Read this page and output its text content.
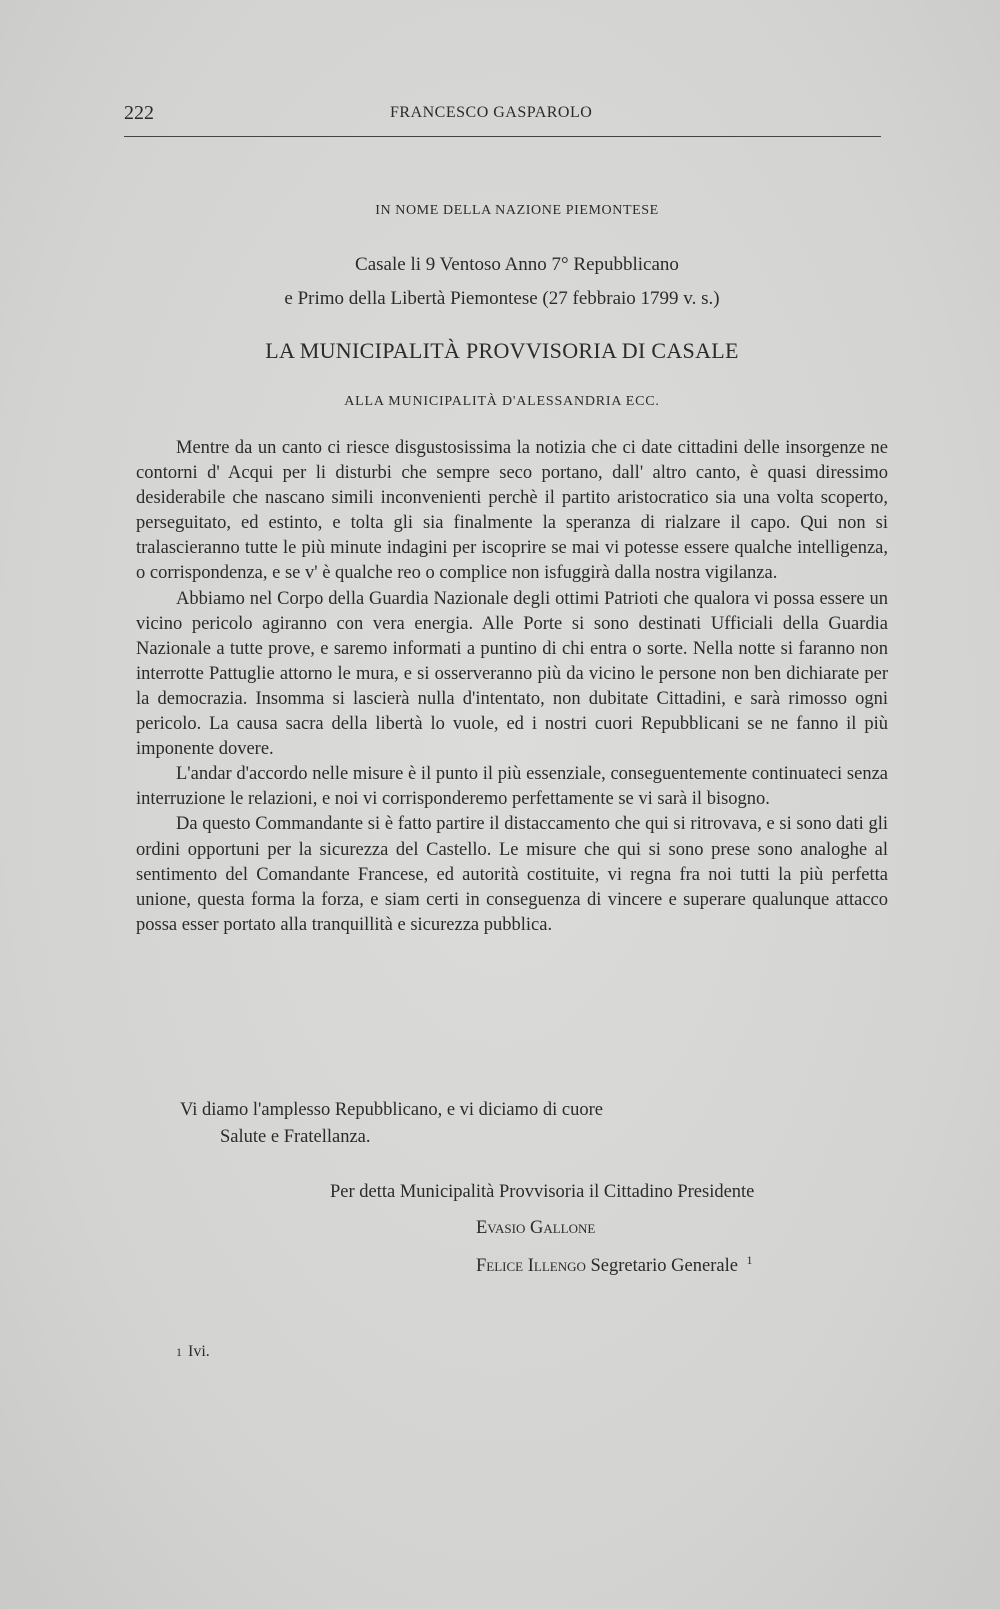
222	FRANCESCO GASPAROLO
IN NOME DELLA NAZIONE PIEMONTESE
Casale li 9 Ventoso Anno 7° Repubblicano
e Primo della Libertà Piemontese (27 febbraio 1799 v. s.)
LA MUNICIPALITÀ PROVVISORIA DI CASALE
ALLA MUNICIPALITÀ D'ALESSANDRIA ECC.

Mentre da un canto ci riesce disgustosissima la notizia che ci date cittadini delle insorgenze ne contorni d' Acqui per li disturbi che sempre seco portano, dall' altro canto, è quasi diressimo desiderabile che nascano simili inconvenienti perchè il partito aristocratico sia una volta scoperto, perseguitato, ed estinto, e tolta gli sia finalmente la speranza di rialzare il capo. Qui non si tralascieranno tutte le più minute indagini per iscoprire se mai vi potesse essere qualche intelligenza, o corrispondenza, e se v' è qualche reo o complice non isfuggirà dalla nostra vigilanza.

Abbiamo nel Corpo della Guardia Nazionale degli ottimi Patrioti che qualora vi possa essere un vicino pericolo agiranno con vera energia. Alle Porte si sono destinati Ufficiali della Guardia Nazionale a tutte prove, e saremo informati a puntino di chi entra o sorte. Nella notte si faranno non interrotte Pattuglie attorno le mura, e si osserveranno più da vicino le persone non ben dichiarate per la democrazia. Insomma si lascierà nulla d'intentato, non dubitate Cittadini, e sarà rimosso ogni pericolo. La causa sacra della libertà lo vuole, ed i nostri cuori Repubblicani se ne fanno il più imponente dovere.

L'andar d'accordo nelle misure è il punto il più essenziale, conseguentemente continuateci senza interruzione le relazioni, e noi vi corrisponderemo perfettamente se vi sarà il bisogno.

Da questo Commandante si è fatto partire il distaccamento che qui si ritrovava, e si sono dati gli ordini opportuni per la sicurezza del Castello. Le misure che qui si sono prese sono analoghe al sentimento del Comandante Francese, ed autorità costituite, vi regna fra noi tutti la più perfetta unione, questa forma la forza, e siam certi in conseguenza di vincere e superare qualunque attacco possa esser portato alla tranquillità e sicurezza pubblica.

Vi diamo l'amplesso Repubblicano, e vi diciamo di cuore
Salute e Fratellanza.
Per detta Municipalità Provvisoria il Cittadino Presidente
Evasio Gallone
Felice Illengo Segretario Generale $^1$
1 Ivi.
